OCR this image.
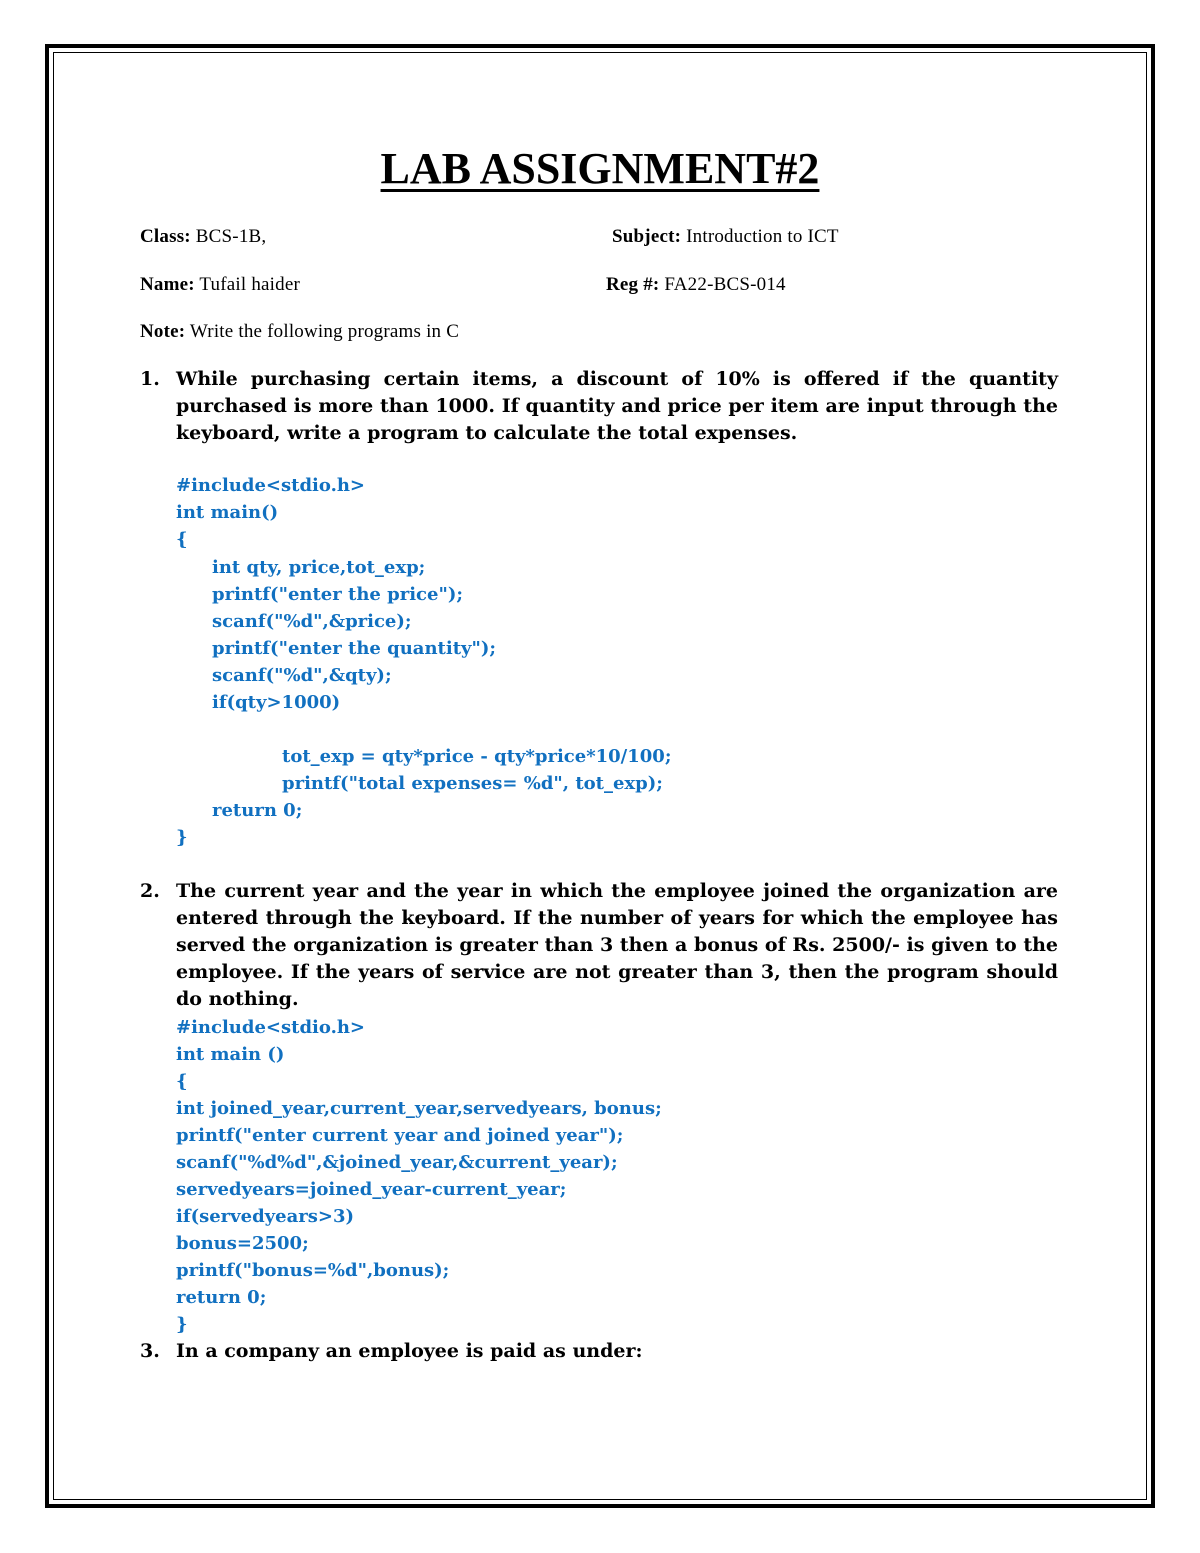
LAB ASSIGNMENT#2
Class: BCS-1B,	Subject: Introduction to ICT
Name: Tufail haider	Reg #: FA22-BCS-014
Note: Write the following programs in C
1. While purchasing certain items, a discount of 10% is offered if the quantity purchased is more than 1000. If quantity and price per item are input through the keyboard, write a program to calculate the total expenses.
#include<stdio.h>
int main()
{
int qty, price,tot_exp;
printf("enter the price");
scanf("%d",&price);
printf("enter the quantity");
scanf("%d",&qty);
if(qty>1000)
tot_exp = qty*price - qty*price*10/100;
printf("total expenses= %d", tot_exp);
return 0;
}
2. The current year and the year in which the employee joined the organization are entered through the keyboard. If the number of years for which the employee has served the organization is greater than 3 then a bonus of Rs. 2500/- is given to the employee. If the years of service are not greater than 3, then the program should do nothing.
#include<stdio.h>
int main ()
{
int joined_year,current_year,servedyears, bonus;
printf("enter current year and joined year");
scanf("%d%d",&joined_year,&current_year);
servedyears=joined_year-current_year;
if(servedyears>3)
bonus=2500;
printf("bonus=%d",bonus);
return 0;
}
3. In a company an employee is paid as under:
